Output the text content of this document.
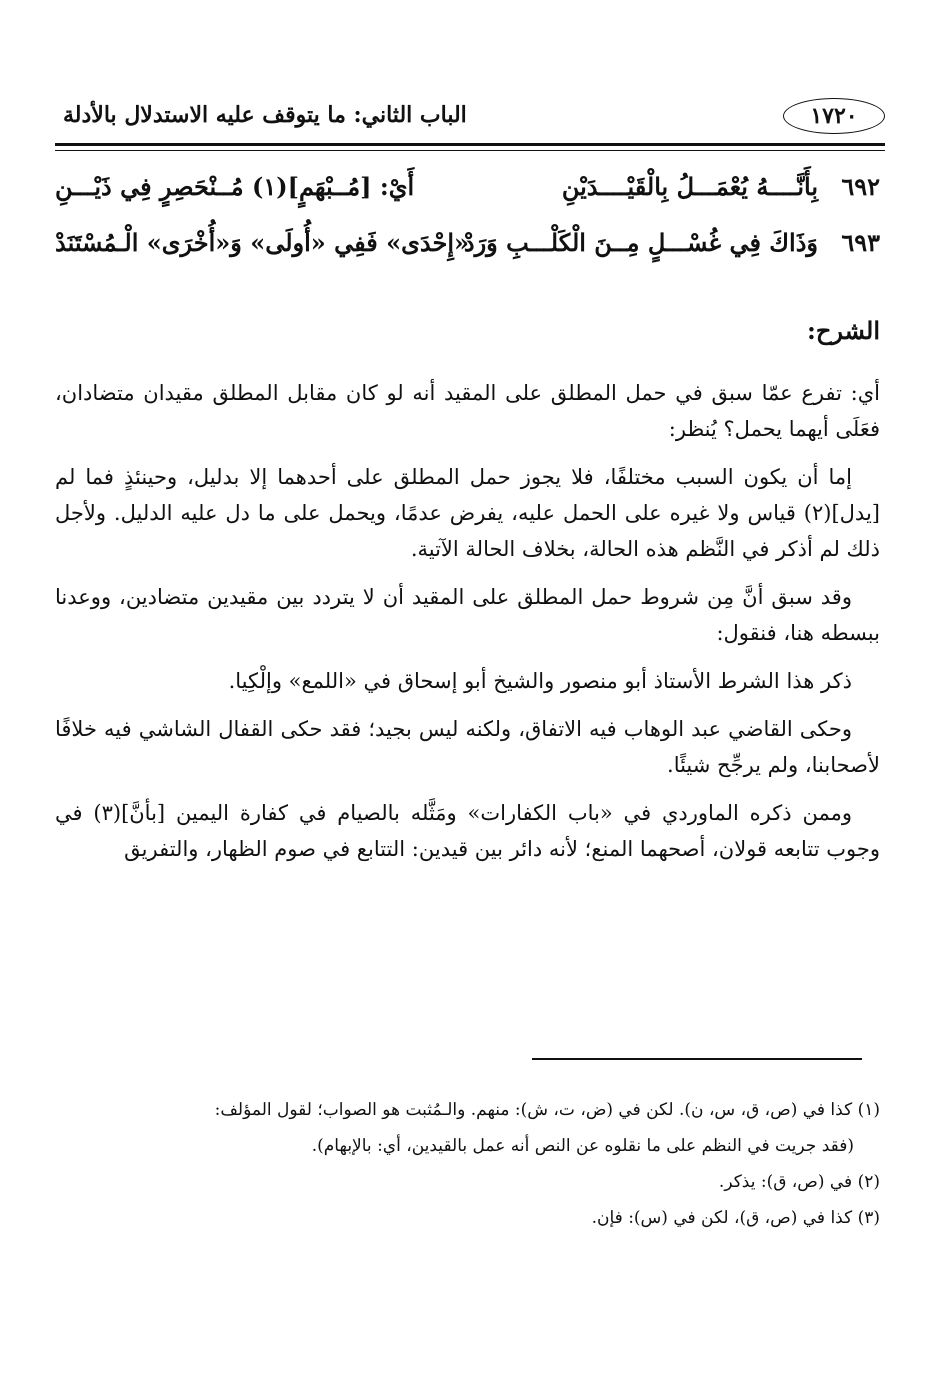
الباب الثاني: ما يتوقف عليه الاستدلال بالأدلة	١٧٢٠
٦٩٢
بِأَنَّــــهُ يُعْمَـــلُ بِالْقَيْــــدَيْنِ
أَيْ: [مُــبْهَمٍ](١) مُــنْحَصِرٍ فِي ذَيْـــنِ
٦٩٣
وَذَاكَ فِي غُسْـــلٍ مِــنَ الْكَلْـــبِ وَرَدْ
«إِحْدَى» فَفِي «أُولَى» وَ«أُخْرَى» الْـمُسْتَنَدْ
الشرح:

أي: تفرع عمّا سبق في حمل المطلق على المقيد أنه لو كان مقابل المطلق مقيدان متضادان، فعَلَى أيهما يحمل؟ يُنظر:

إما أن يكون السبب مختلفًا، فلا يجوز حمل المطلق على أحدهما إلا بدليل، وحينئذٍ فما لم [يدل](٢) قياس ولا غيره على الحمل عليه، يفرض عدمًا، ويحمل على ما دل عليه الدليل. ولأجل ذلك لم أذكر في النَّظم هذه الحالة، بخلاف الحالة الآتية.

وقد سبق أنَّ مِن شروط حمل المطلق على المقيد أن لا يتردد بين مقيدين متضادين، ووعدنا ببسطه هنا، فنقول:

ذكر هذا الشرط الأستاذ أبو منصور والشيخ أبو إسحاق في «اللمع» وإلْكِيا.

وحكى القاضي عبد الوهاب فيه الاتفاق، ولكنه ليس بجيد؛ فقد حكى القفال الشاشي فيه خلافًا لأصحابنا، ولم يرجِّح شيئًا.

وممن ذكره الماوردي في «باب الكفارات» ومَثَّله بالصيام في كفارة اليمين [بأنَّ](٣) في وجوب تتابعه قولان، أصحهما المنع؛ لأنه دائر بين قيدين: التتابع في صوم الظهار، والتفريق

(١) كذا في (ص، ق، س، ن). لكن في (ض، ت، ش): منهم. والـمُثبت هو الصواب؛ لقول المؤلف:
(فقد جريت في النظم على ما نقلوه عن النص أنه عمل بالقيدين، أي: بالإبهام).
(٢) في (ص، ق): يذكر.
(٣) كذا في (ص، ق)، لكن في (س): فإن.
